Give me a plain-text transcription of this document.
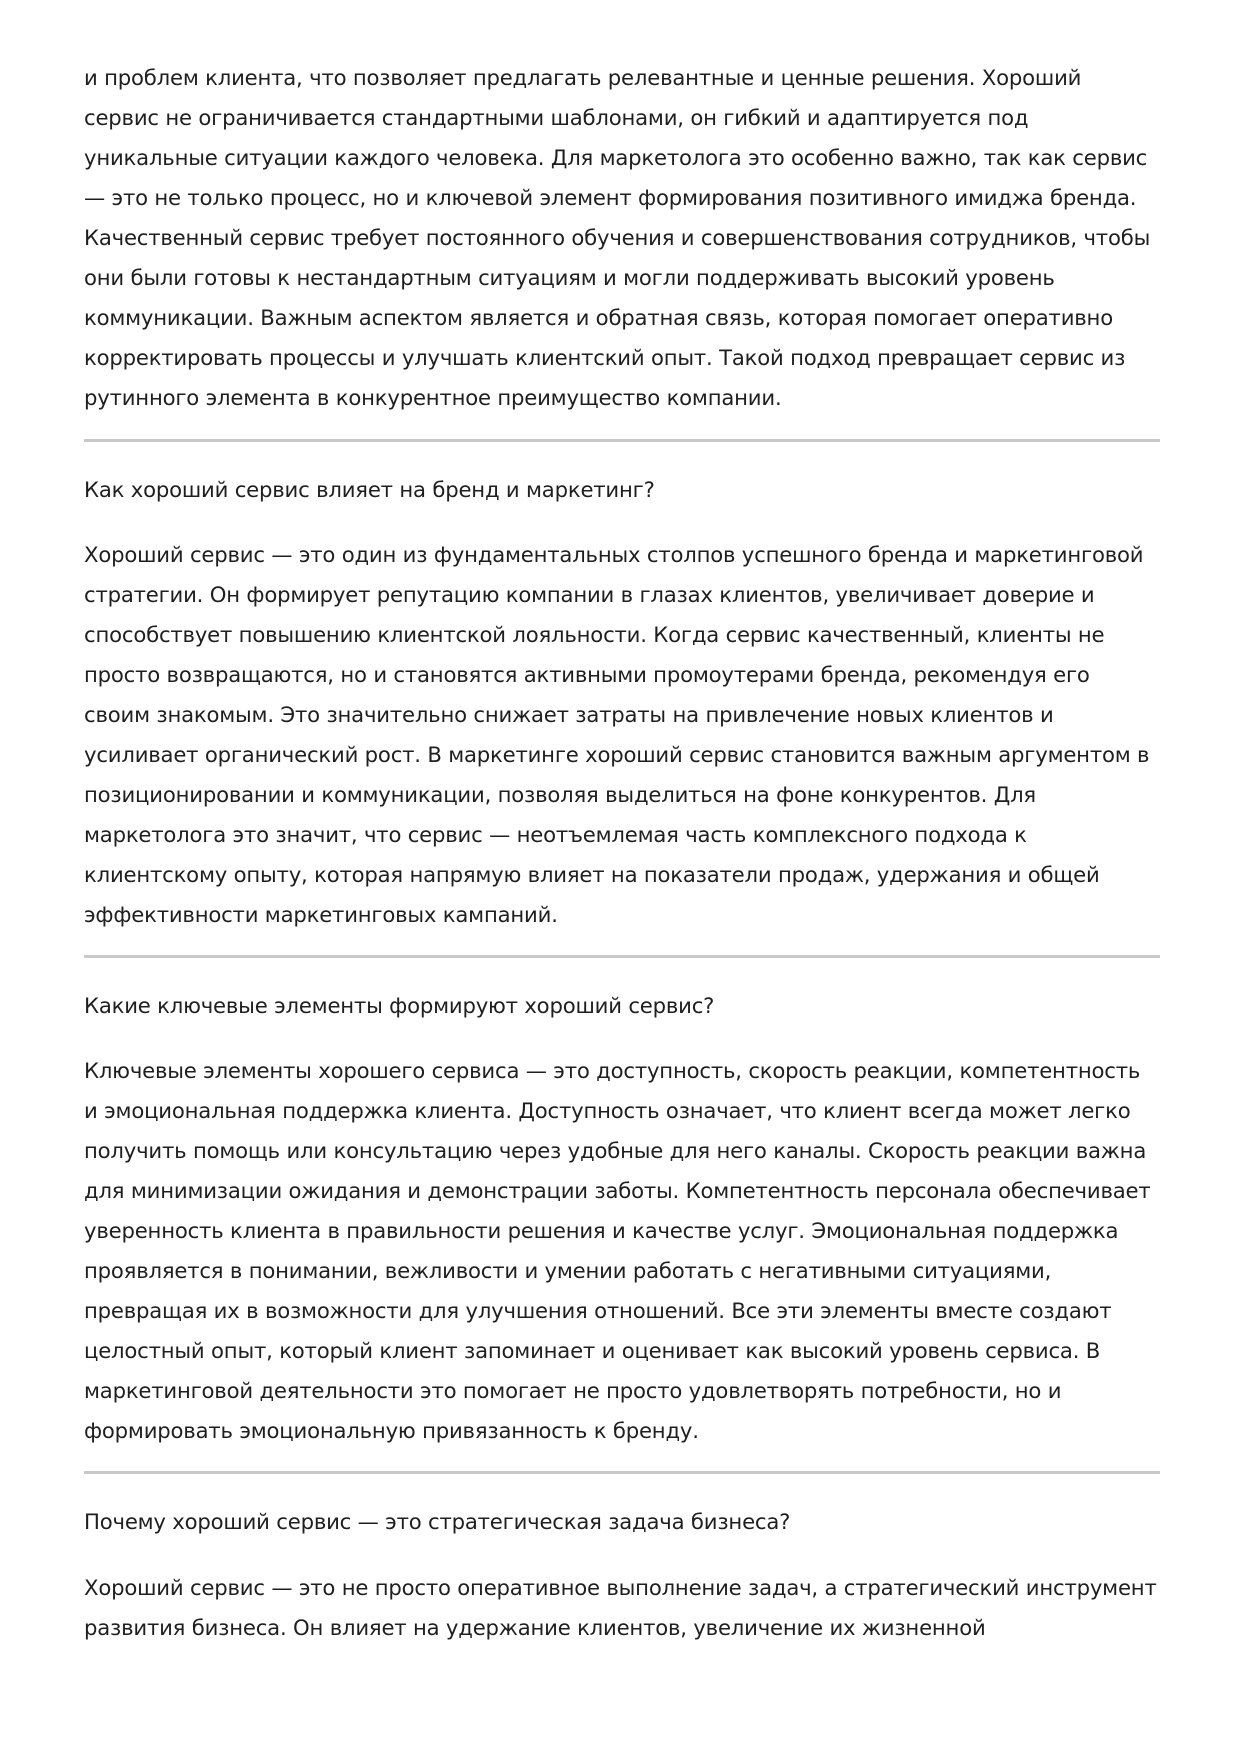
и проблем клиента, что позволяет предлагать релевантные и ценные решения. Хороший сервис не ограничивается стандартными шаблонами, он гибкий и адаптируется под уникальные ситуации каждого человека. Для маркетолога это особенно важно, так как сервис — это не только процесс, но и ключевой элемент формирования позитивного имиджа бренда. Качественный сервис требует постоянного обучения и совершенствования сотрудников, чтобы они были готовы к нестандартным ситуациям и могли поддерживать высокий уровень коммуникации. Важным аспектом является и обратная связь, которая помогает оперативно корректировать процессы и улучшать клиентский опыт. Такой подход превращает сервис из рутинного элемента в конкурентное преимущество компании.

Как хороший сервис влияет на бренд и маркетинг?

Хороший сервис — это один из фундаментальных столпов успешного бренда и маркетинговой стратегии. Он формирует репутацию компании в глазах клиентов, увеличивает доверие и способствует повышению клиентской лояльности. Когда сервис качественный, клиенты не просто возвращаются, но и становятся активными промоутерами бренда, рекомендуя его своим знакомым. Это значительно снижает затраты на привлечение новых клиентов и усиливает органический рост. В маркетинге хороший сервис становится важным аргументом в позиционировании и коммуникации, позволяя выделиться на фоне конкурентов. Для маркетолога это значит, что сервис — неотъемлемая часть комплексного подхода к клиентскому опыту, которая напрямую влияет на показатели продаж, удержания и общей эффективности маркетинговых кампаний.

Какие ключевые элементы формируют хороший сервис?

Ключевые элементы хорошего сервиса — это доступность, скорость реакции, компетентность и эмоциональная поддержка клиента. Доступность означает, что клиент всегда может легко получить помощь или консультацию через удобные для него каналы. Скорость реакции важна для минимизации ожидания и демонстрации заботы. Компетентность персонала обеспечивает уверенность клиента в правильности решения и качестве услуг. Эмоциональная поддержка проявляется в понимании, вежливости и умении работать с негативными ситуациями, превращая их в возможности для улучшения отношений. Все эти элементы вместе создают целостный опыт, который клиент запоминает и оценивает как высокий уровень сервиса. В маркетинговой деятельности это помогает не просто удовлетворять потребности, но и формировать эмоциональную привязанность к бренду.

Почему хороший сервис — это стратегическая задача бизнеса?

Хороший сервис — это не просто оперативное выполнение задач, а стратегический инструмент развития бизнеса. Он влияет на удержание клиентов, увеличение их жизненной
